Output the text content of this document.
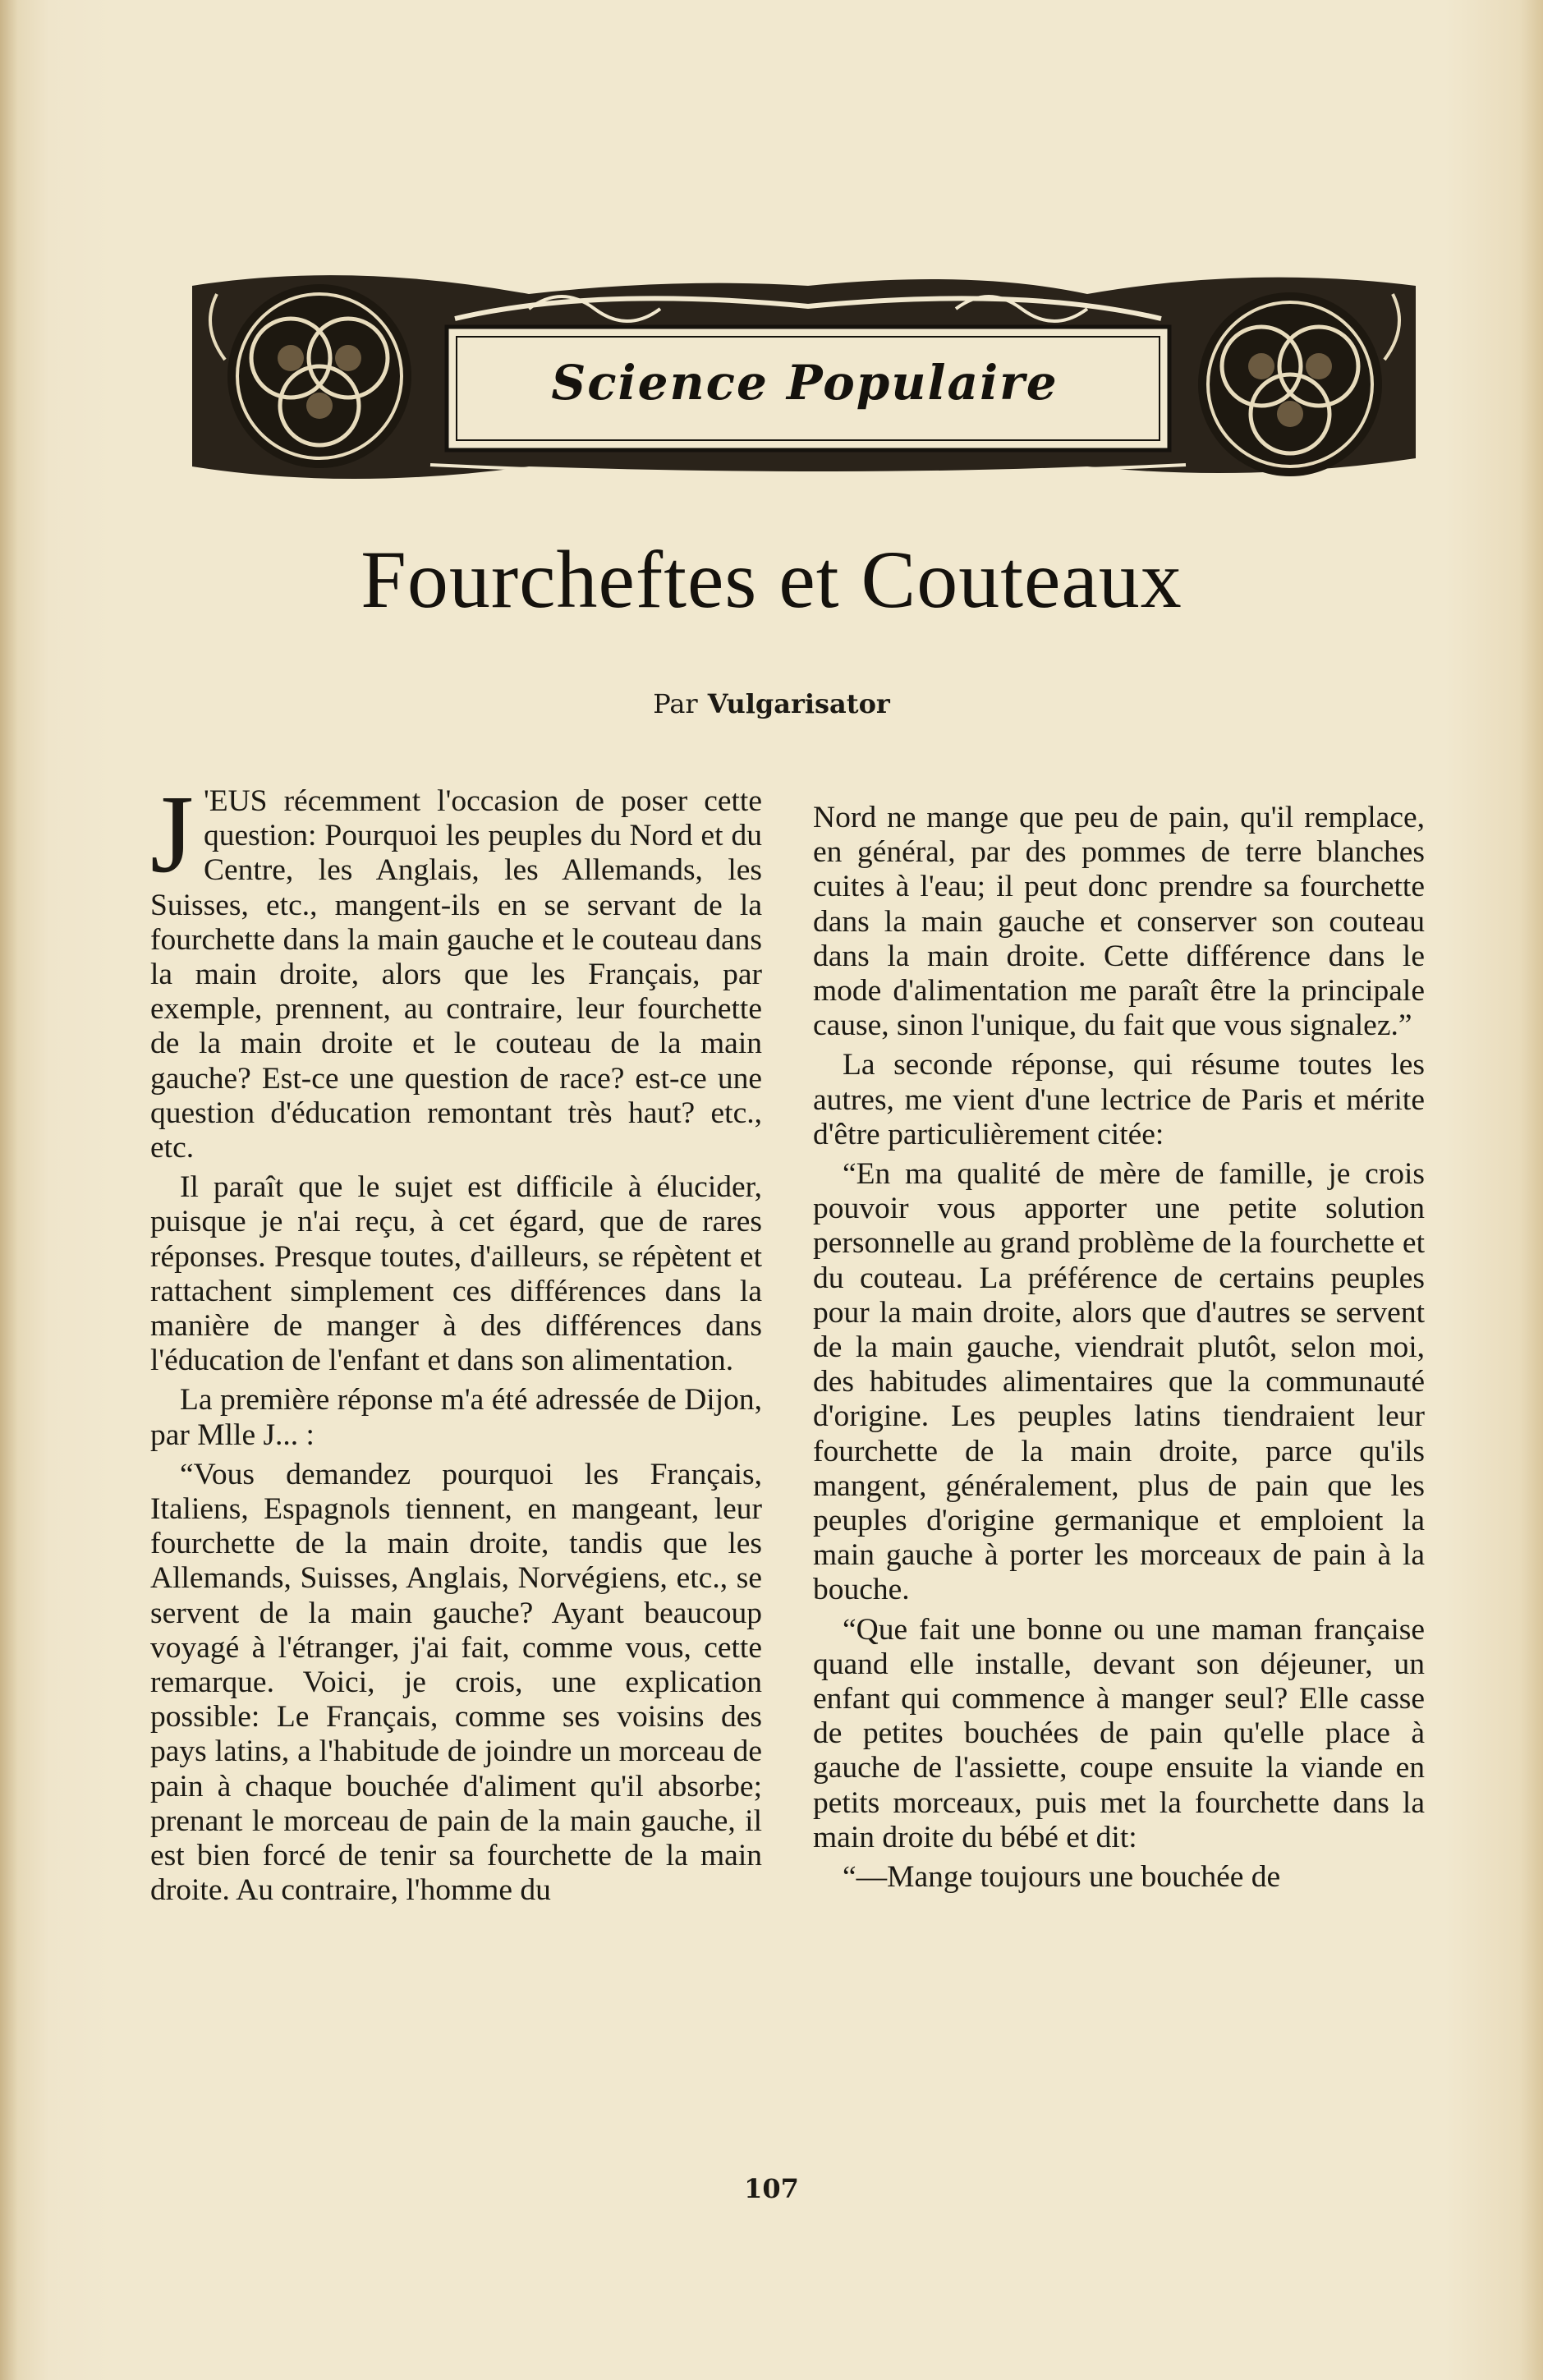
Science Populaire
Fourcheftes et Couteaux
Par Vulgarisator

J 'EUS récemment l'occasion de poser cette question: Pourquoi les peuples du Nord et du Centre, les Anglais, les Allemands, les Suisses, etc., mangent-ils en se servant de la fourchette dans la main gauche et le couteau dans la main droite, alors que les Français, par exemple, prennent, au contraire, leur fourchette de la main droite et le couteau de la main gauche? Est-ce une question de race? est-ce une question d'éducation remontant très haut? etc., etc.

Il paraît que le sujet est difficile à élucider, puisque je n'ai reçu, à cet égard, que de rares réponses. Presque toutes, d'ailleurs, se répètent et rattachent simplement ces différences dans la manière de manger à des différences dans l'éducation de l'enfant et dans son alimentation.

La première réponse m'a été adressée de Dijon, par Mlle J... :

“Vous demandez pourquoi les Français, Italiens, Espagnols tiennent, en mangeant, leur fourchette de la main droite, tandis que les Allemands, Suisses, Anglais, Norvégiens, etc., se servent de la main gauche? Ayant beaucoup voyagé à l'étranger, j'ai fait, comme vous, cette remarque. Voici, je crois, une explication possible: Le Français, comme ses voisins des pays latins, a l'habitude de joindre un morceau de pain à chaque bouchée d'aliment qu'il absorbe; prenant le morceau de pain de la main gauche, il est bien forcé de tenir sa fourchette de la main droite. Au contraire, l'homme du

Nord ne mange que peu de pain, qu'il remplace, en général, par des pommes de terre blanches cuites à l'eau; il peut donc prendre sa fourchette dans la main gauche et conserver son couteau dans la main droite. Cette différence dans le mode d'alimentation me paraît être la principale cause, sinon l'unique, du fait que vous signalez.”

La seconde réponse, qui résume toutes les autres, me vient d'une lectrice de Paris et mérite d'être particulièrement citée:

“En ma qualité de mère de famille, je crois pouvoir vous apporter une petite solution personnelle au grand problème de la fourchette et du couteau. La préférence de certains peuples pour la main droite, alors que d'autres se servent de la main gauche, viendrait plutôt, selon moi, des habitudes alimentaires que la communauté d'origine. Les peuples latins tiendraient leur fourchette de la main droite, parce qu'ils mangent, généralement, plus de pain que les peuples d'origine germanique et emploient la main gauche à porter les morceaux de pain à la bouche.

“Que fait une bonne ou une maman française quand elle installe, devant son déjeuner, un enfant qui commence à manger seul? Elle casse de petites bouchées de pain qu'elle place à gauche de l'assiette, coupe ensuite la viande en petits morceaux, puis met la fourchette dans la main droite du bébé et dit:

“—Mange toujours une bouchée de

107
